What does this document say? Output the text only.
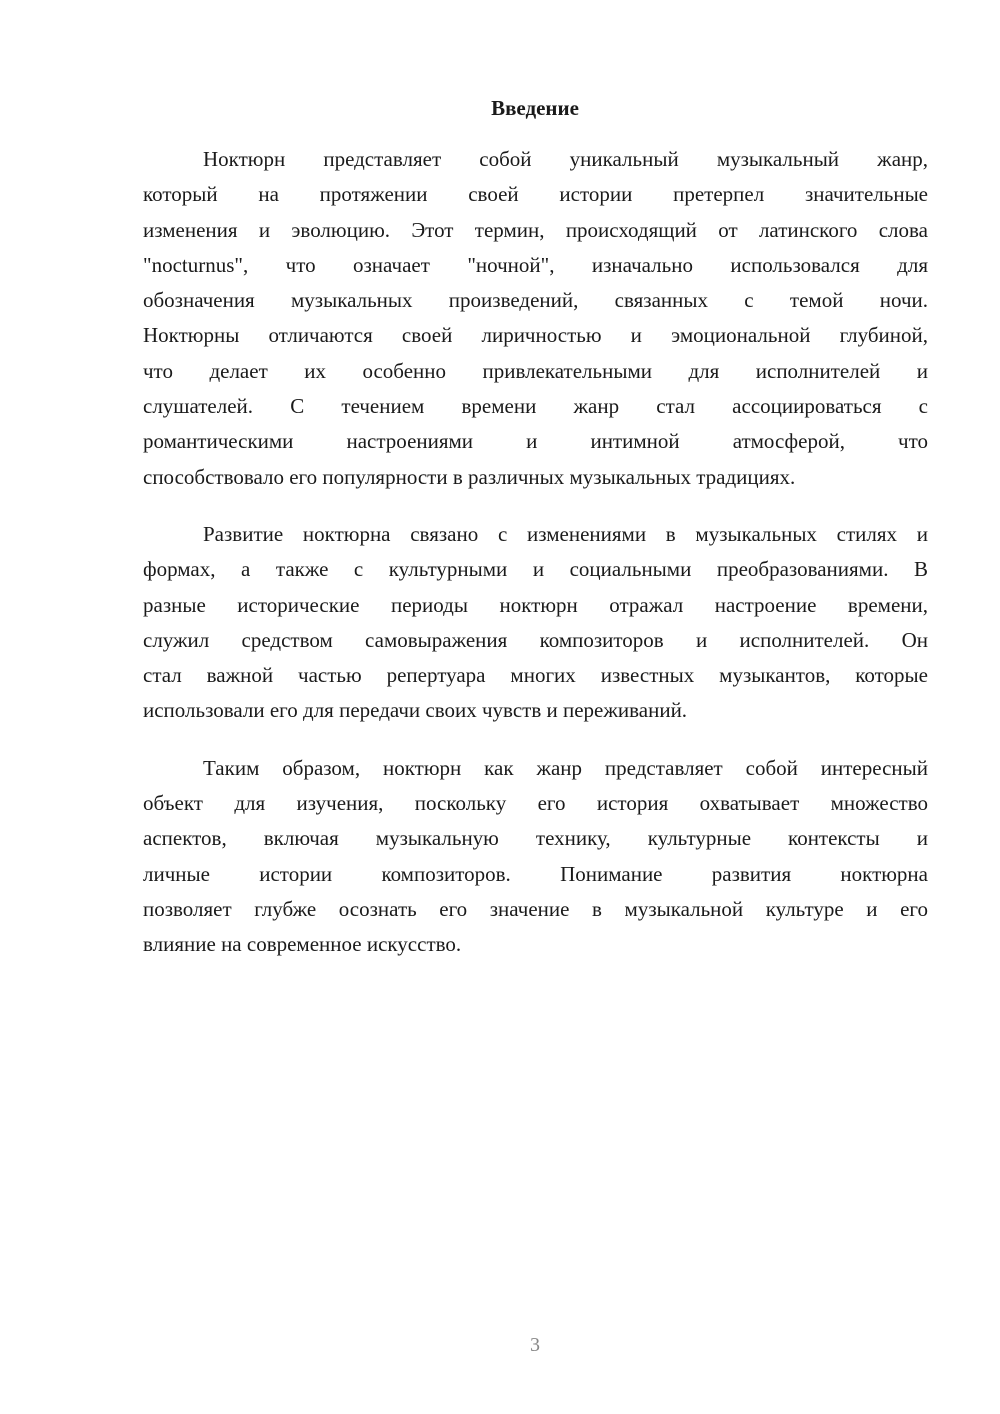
Введение
Ноктюрн представляет собой уникальный музыкальный жанр,
который на протяжении своей истории претерпел значительные
изменения и эволюцию. Этот термин, происходящий от латинского слова
"nocturnus", что означает "ночной", изначально использовался для
обозначения музыкальных произведений, связанных с темой ночи.
Ноктюрны отличаются своей лиричностью и эмоциональной глубиной,
что делает их особенно привлекательными для исполнителей и
слушателей. С течением времени жанр стал ассоциироваться с
романтическими настроениями и интимной атмосферой, что
способствовало его популярности в различных музыкальных традициях.
Развитие ноктюрна связано с изменениями в музыкальных стилях и
формах, а также с культурными и социальными преобразованиями. В
разные исторические периоды ноктюрн отражал настроение времени,
служил средством самовыражения композиторов и исполнителей. Он
стал важной частью репертуара многих известных музыкантов, которые
использовали его для передачи своих чувств и переживаний.
Таким образом, ноктюрн как жанр представляет собой интересный
объект для изучения, поскольку его история охватывает множество
аспектов, включая музыкальную технику, культурные контексты и
личные истории композиторов. Понимание развития ноктюрна
позволяет глубже осознать его значение в музыкальной культуре и его
влияние на современное искусство.
3
